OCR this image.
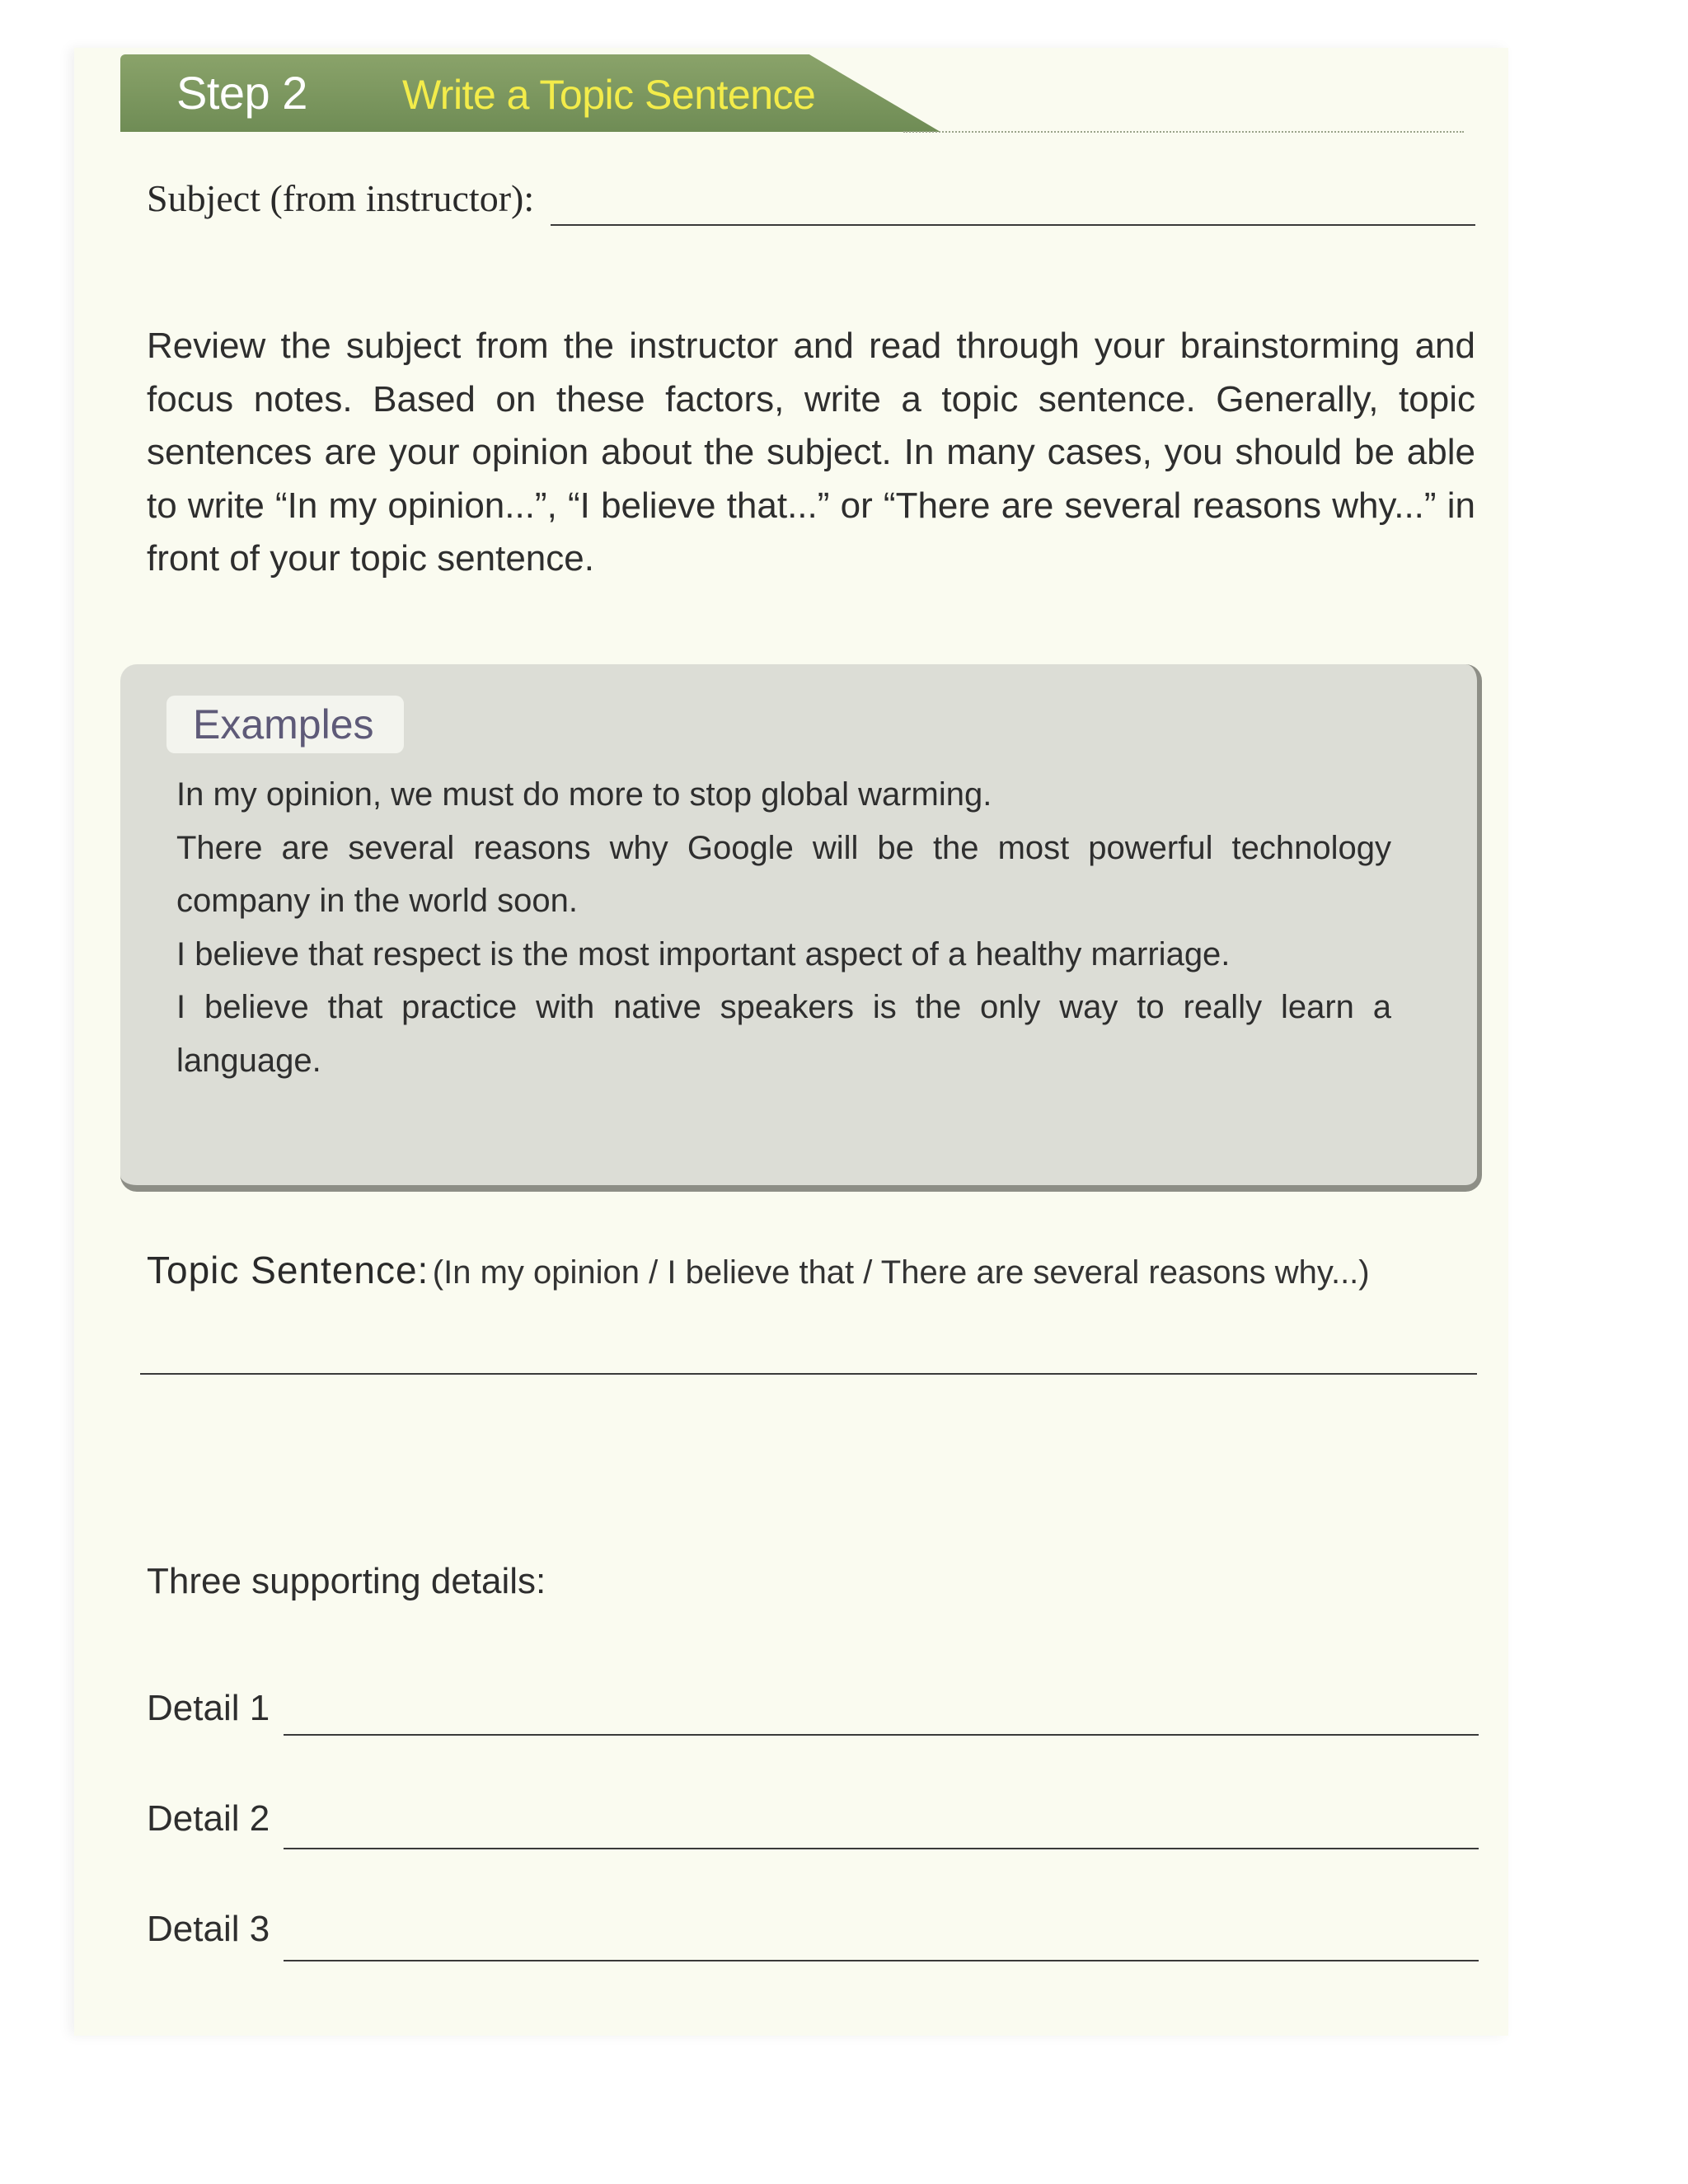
Step 2 Write a Topic Sentence
Subject (from instructor):

Review the subject from the instructor and read through your brainstorming and focus notes. Based on these factors, write a topic sentence. Generally, topic sentences are your opinion about the subject. In many cases, you should be able to write “In my opinion...”, “I believe that...” or “There are several reasons why...” in front of your topic sentence.

Examples
In my opinion, we must do more to stop global warming.
There are several reasons why Google will be the most powerful technology company in the world soon.
I believe that respect is the most important aspect of a healthy marriage.
I believe that practice with native speakers is the only way to really learn a language.
Topic Sentence: (In my opinion / I believe that / There are several reasons why...)
Three supporting details:
Detail 1
Detail 2
Detail 3
